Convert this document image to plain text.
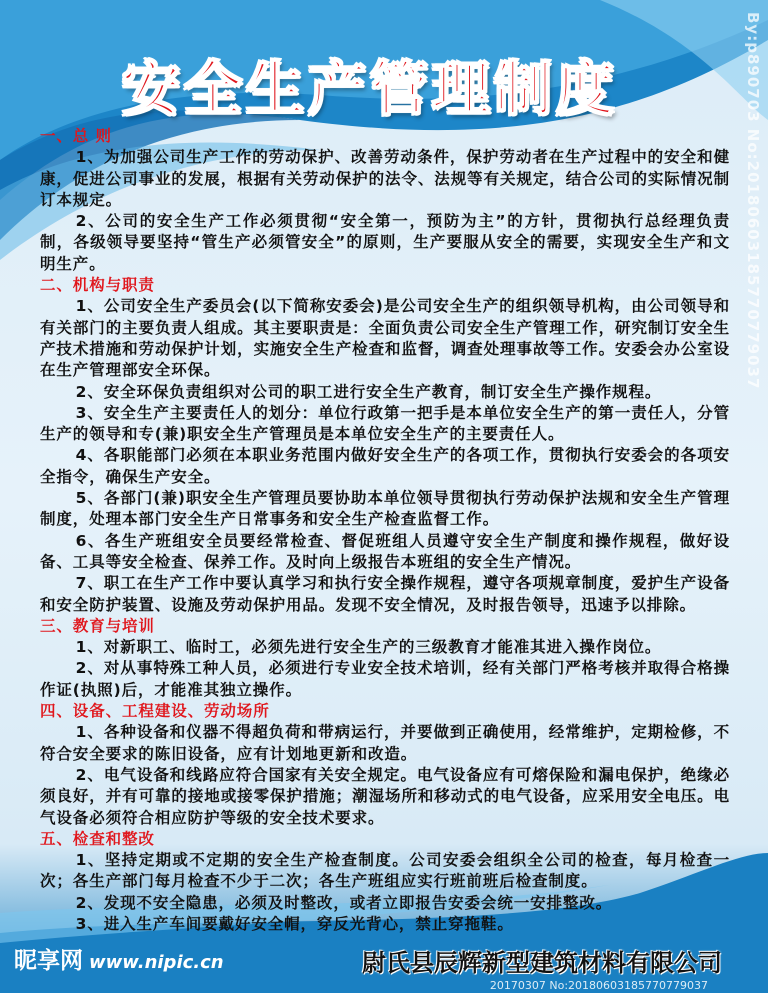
By:p890703 No:20180603185770779037
安全生产管理制度
一、总 则
1、为加强公司生产工作的劳动保护、改善劳动条件，保护劳动者在生产过程中的安全和健康，促进公司事业的发展，根据有关劳动保护的法令、法规等有关规定，结合公司的实际情况制订本规定。
2、公司的安全生产工作必须贯彻“安全第一，预防为主”的方针，贯彻执行总经理负责制，各级领导要坚持“管生产必须管安全”的原则，生产要服从安全的需要，实现安全生产和文明生产。
二、机构与职责
1、公司安全生产委员会(以下简称安委会)是公司安全生产的组织领导机构，由公司领导和有关部门的主要负责人组成。其主要职责是：全面负责公司安全生产管理工作，研究制订安全生产技术措施和劳动保护计划，实施安全生产检查和监督，调查处理事故等工作。安委会办公室设在生产管理部安全环保。
2、安全环保负责组织对公司的职工进行安全生产教育，制订安全生产操作规程。
3、安全生产主要责任人的划分：单位行政第一把手是本单位安全生产的第一责任人，分管生产的领导和专(兼)职安全生产管理员是本单位安全生产的主要责任人。
4、各职能部门必须在本职业务范围内做好安全生产的各项工作，贯彻执行安委会的各项安全指令，确保生产安全。
5、各部门(兼)职安全生产管理员要协助本单位领导贯彻执行劳动保护法规和安全生产管理制度，处理本部门安全生产日常事务和安全生产检查监督工作。
6、各生产班组安全员要经常检查、督促班组人员遵守安全生产制度和操作规程，做好设备、工具等安全检查、保养工作。及时向上级报告本班组的安全生产情况。
7、职工在生产工作中要认真学习和执行安全操作规程，遵守各项规章制度，爱护生产设备和安全防护装置、设施及劳动保护用品。发现不安全情况，及时报告领导，迅速予以排除。
三、教育与培训
1、对新职工、临时工，必须先进行安全生产的三级教育才能准其进入操作岗位。
2、对从事特殊工种人员，必须进行专业安全技术培训，经有关部门严格考核并取得合格操作证(执照)后，才能准其独立操作。
四、设备、工程建设、劳动场所
1、各种设备和仪器不得超负荷和带病运行，并要做到正确使用，经常维护，定期检修，不符合安全要求的陈旧设备，应有计划地更新和改造。
2、电气设备和线路应符合国家有关安全规定。电气设备应有可熔保险和漏电保护，绝缘必须良好，并有可靠的接地或接零保护措施；潮湿场所和移动式的电气设备，应采用安全电压。电气设备必须符合相应防护等级的安全技术要求。
五、检查和整改
1、坚持定期或不定期的安全生产检查制度。公司安委会组织全公司的检查，每月检查一次；各生产部门每月检查不少于二次；各生产班组应实行班前班后检查制度。
2、发现不安全隐患，必须及时整改，或者立即报告安委会统一安排整改。
3、进入生产车间要戴好安全帽，穿反光背心，禁止穿拖鞋。
昵享网 www.nipic.cn	尉氏县辰辉新型建筑材料有限公司
20170307 No:20180603185770779037
